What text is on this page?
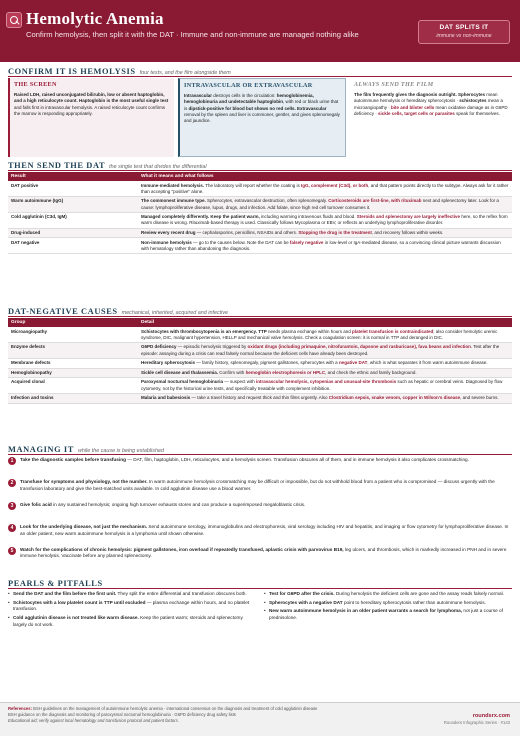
Hemolytic Anemia
Confirm hemolysis, then split it with the DAT · Immune and non-immune are managed nothing alike
DAT SPLITS IT
immune vs non-immune
CONFIRM IT IS HEMOLYSIS four tests, and the film alongside them
THE SCREEN
Raised LDH, raised unconjugated bilirubin, low or absent haptoglobin, and a high reticulocyte count. Haptoglobin is the most useful single test and falls first in intravascular hemolysis. A raised reticulocyte count confirms the marrow is responding appropriately.
INTRAVASCULAR OR EXTRAVASCULAR
Intravascular destroys cells in the circulation: hemoglobinemia, hemoglobinuria and undetectable haptoglobin, with red or black urine that is dipstick-positive for blood but shows no red cells. Extravascular removal by the spleen and liver is commoner, gentler, and gives splenomegaly and jaundice.
ALWAYS SEND THE FILM
The film frequently gives the diagnosis outright. Spherocytes mean autoimmune hemolysis or hereditary spherocytosis · schistocytes mean a microangiopathy · bite and blister cells mean oxidative damage as in G6PD deficiency · sickle cells, target cells or parasites speak for themselves.
THEN SEND THE DAT the single test that divides the differential
Result	What it means and what follows
DAT positive	Immune-mediated hemolysis. The laboratory will report whether the coating is IgG, complement (C3d), or both, and that pattern points directly to the subtype. Always ask for it rather than accepting "positive" alone.
Warm autoimmune (IgG)	The commonest immune type. Spherocytes, extravascular destruction, often splenomegaly. Corticosteroids are first-line, with rituximab next and splenectomy later. Look for a cause: lymphoproliferative disease, lupus, drugs, and infection. Add folate, since high red cell turnover consumes it.
Cold agglutinin (C3d, IgM)	Managed completely differently. Keep the patient warm, including warming intravenous fluids and blood. Steroids and splenectomy are largely ineffective here, so the reflex from warm disease is wrong. Rituximab-based therapy is used. Classically follows Mycoplasma or EBV, or reflects an underlying lymphoproliferative disorder.
Drug-induced	Review every recent drug — cephalosporins, penicillins, NSAIDs and others. Stopping the drug is the treatment, and recovery follows within weeks.
DAT negative	Non-immune hemolysis — go to the causes below. Note the DAT can be falsely negative in low-level or IgA-mediated disease, so a convincing clinical picture warrants discussion with hematology rather than abandoning the diagnosis.
DAT-NEGATIVE CAUSES mechanical, inherited, acquired and infective
Group	Detail
Microangiopathy	Schistocytes with thrombocytopenia is an emergency. TTP needs plasma exchange within hours and platelet transfusion is contraindicated; also consider hemolytic uremic syndrome, DIC, malignant hypertension, HELLP and mechanical valve hemolysis. Check a coagulation screen: it is normal in TTP and deranged in DIC.
Enzyme defects	G6PD deficiency — episodic hemolysis triggered by oxidant drugs (including primaquine, nitrofurantoin, dapsone and rasburicase), fava beans and infection. Test after the episode: assaying during a crisis can read falsely normal because the deficient cells have already been destroyed.
Membrane defects	Hereditary spherocytosis — family history, splenomegaly, pigment gallstones, spherocytes with a negative DAT, which is what separates it from warm autoimmune disease.
Hemoglobinopathy	Sickle cell disease and thalassemia. Confirm with hemoglobin electrophoresis or HPLC, and check the ethnic and family background.
Acquired clonal	Paroxysmal nocturnal hemoglobinuria — suspect with intravascular hemolysis, cytopenias and unusual-site thrombosis such as hepatic or cerebral veins. Diagnosed by flow cytometry, not by the historical urine tests, and specifically treatable with complement inhibition.
Infection and toxins	Malaria and babesiosis — take a travel history and request thick and thin films urgently. Also Clostridium sepsis, snake venom, copper in Wilson's disease, and severe burns.
MANAGING IT while the cause is being established
1	Take the diagnostic samples before transfusing — DAT, film, haptoglobin, LDH, reticulocytes, and a hemolysis screen. Transfusion obscures all of them, and in immune hemolysis it also complicates crossmatching.
2	Transfuse for symptoms and physiology, not the number. In warm autoimmune hemolysis crossmatching may be difficult or impossible, but do not withhold blood from a patient who is compromised — discuss urgently with the transfusion laboratory and give the best-matched units available. In cold agglutinin disease use a blood warmer.
3	Give folic acid in any sustained hemolysis; ongoing high turnover exhausts stores and can produce a superimposed megaloblastic crisis.
4	Look for the underlying disease, not just the mechanism. Send autoimmune serology, immunoglobulins and electrophoresis, viral serology including HIV and hepatitis, and imaging or flow cytometry for lymphoproliferative disease. In an older patient, new warm autoimmune hemolysis is a lymphoma until shown otherwise.
5	Watch for the complications of chronic hemolysis: pigment gallstones, iron overload if repeatedly transfused, aplastic crisis with parvovirus B19, leg ulcers, and thrombosis, which is markedly increased in PNH and in severe immune hemolysis. Vaccinate before any planned splenectomy.
PEARLS & PITFALLS
• Send the DAT and the film before the first unit. They split the entire differential and transfusion obscures both.
• Schistocytes with a low platelet count is TTP until excluded — plasma exchange within hours, and no platelet transfusion.
• Cold agglutinin disease is not treated like warm disease. Keep the patient warm; steroids and splenectomy largely do not work.
• Test for G6PD after the crisis. During hemolysis the deficient cells are gone and the assay reads falsely normal.
• Spherocytes with a negative DAT point to hereditary spherocytosis rather than autoimmune hemolysis.
• New warm autoimmune hemolysis in an older patient warrants a search for lymphoma, not just a course of prednisolone.
References: BSH guidelines on the management of autoimmune hemolytic anemia · international consensus on the diagnosis and treatment of cold agglutinin disease
BSH guidance on the diagnosis and monitoring of paroxysmal nocturnal hemoglobinuria · G6PD deficiency drug safety lists
Educational aid; verify against local hematology and transfusion protocol and patient factors.
roundsrx.com
Rounders Infographic Series · #143
